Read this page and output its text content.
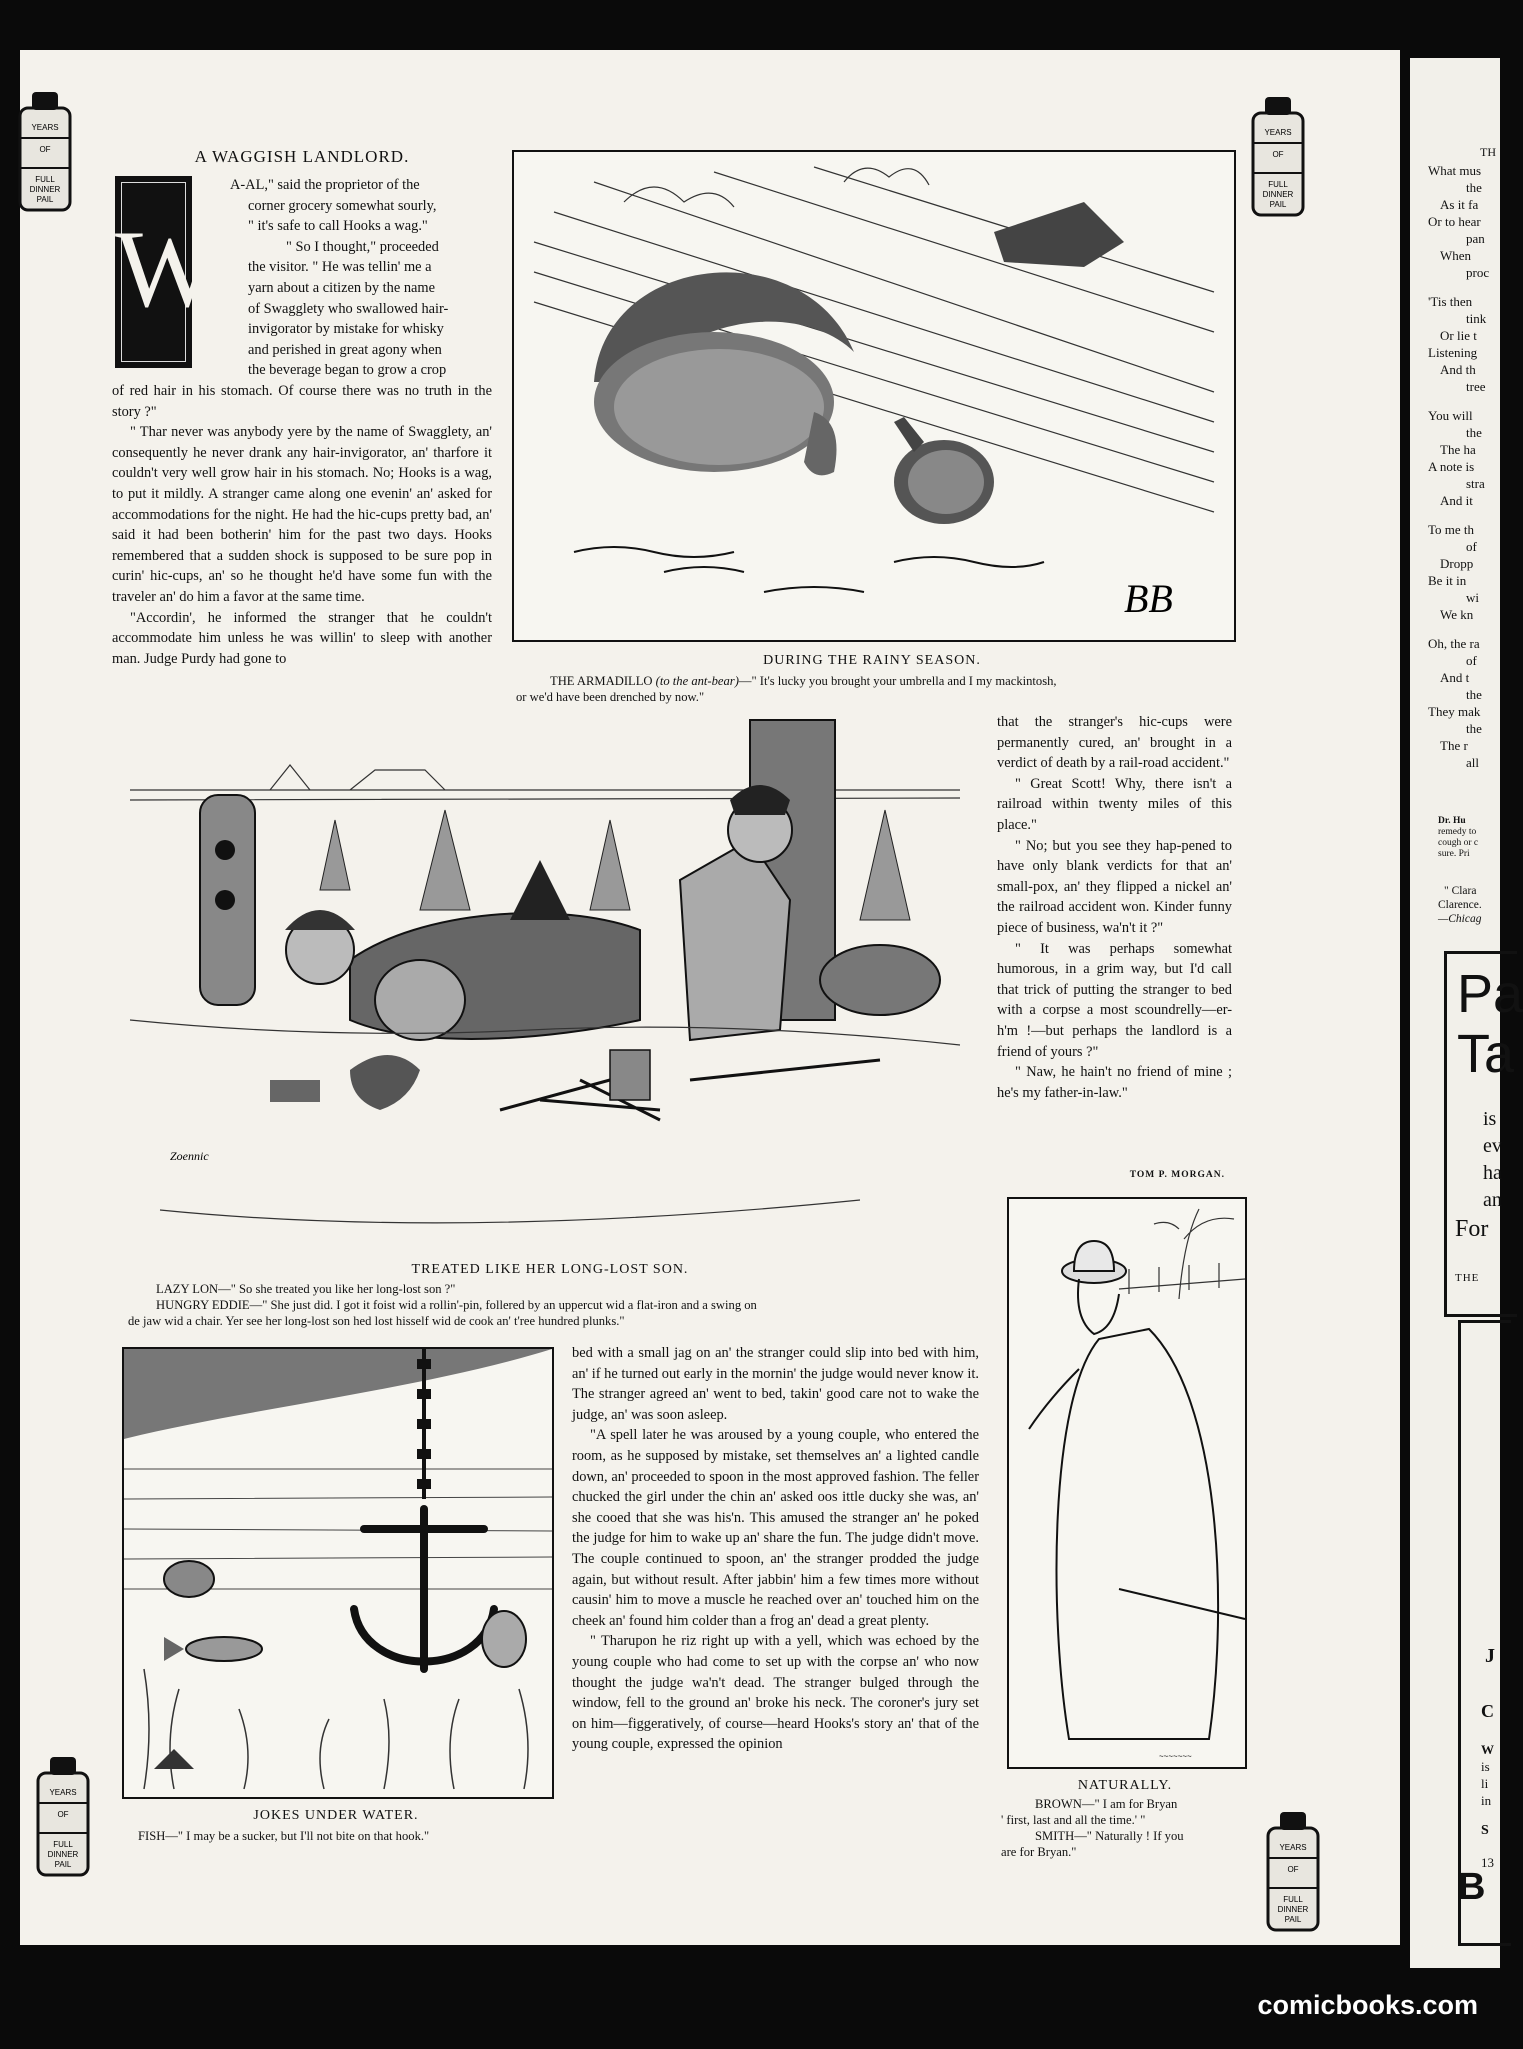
YEARS
OF
FULL
DINNER
PAIL
YEARS
OF
FULL
DINNER
PAIL
YEARS
OF
FULL
DINNER
PAIL
YEARS
OF
FULL
DINNER
PAIL
A WAGGISH LANDLORD.
W
A-AL," said the proprietor of the
corner grocery somewhat sourly,
" it's safe to call Hooks a wag."
" So I thought," proceeded
the visitor. " He was tellin' me a
yarn about a citizen by the name
of Swagglety who swallowed hair-
invigorator by mistake for whisky
and perished in great agony when
the beverage began to grow a crop

of red hair in his stomach. Of course there was no truth in the story ?"

" Thar never was anybody yere by the name of Swagglety, an' consequently he never drank any hair-invigorator, an' tharfore it couldn't very well grow hair in his stomach. No; Hooks is a wag, to put it mildly. A stranger came along one evenin' an' asked for accommodations for the night. He had the hic-cups pretty bad, an' said it had been botherin' him for the past two days. Hooks remembered that a sudden shock is supposed to be sure pop in curin' hic-cups, an' so he thought he'd have some fun with the traveler an' do him a favor at the same time.

"Accordin', he informed the stranger that he couldn't accommodate him unless he was willin' to sleep with another man. Judge Purdy had gone to

BB
DURING THE RAINY SEASON.
THE ARMADILLO (to the ant-bear)—" It's lucky you brought your umbrella and I my mackintosh,
or we'd have been drenched by now."

that the stranger's hic-cups were permanently cured, an' brought in a verdict of death by a rail-road accident."

" Great Scott! Why, there isn't a railroad within twenty miles of this place."

" No; but you see they hap-pened to have only blank verdicts for that an' small-pox, an' they flipped a nickel an' the railroad accident won. Kinder funny piece of business, wa'n't it ?"

" It was perhaps somewhat humorous, in a grim way, but I'd call that trick of putting the stranger to bed with a corpse a most scoundrelly—er-h'm !—but perhaps the landlord is a friend of yours ?"

" Naw, he hain't no friend of mine ; he's my father-in-law."

TOM P. MORGAN.
Zoennic
TREATED LIKE HER LONG-LOST SON.
LAZY LON—" So she treated you like her long-lost son ?"
HUNGRY EDDIE—" She just did. I got it foist wid a rollin'-pin, follered by an uppercut wid a flat-iron and a swing on
de jaw wid a chair. Yer see her long-lost son hed lost hisself wid de cook an' t'ree hundred plunks."
JOKES UNDER WATER.
FISH—" I may be a sucker, but I'll not bite on that hook."

bed with a small jag on an' the stranger could slip into bed with him, an' if he turned out early in the mornin' the judge would never know it. The stranger agreed an' went to bed, takin' good care not to wake the judge, an' was soon asleep.

"A spell later he was aroused by a young couple, who entered the room, as he supposed by mistake, set themselves an' a lighted candle down, an' proceeded to spoon in the most approved fashion. The feller chucked the girl under the chin an' asked oos ittle ducky she was, an' she cooed that she was his'n. This amused the stranger an' he poked the judge for him to wake up an' share the fun. The judge didn't move. The couple continued to spoon, an' the stranger prodded the judge again, but without result. After jabbin' him a few times more without causin' him to move a muscle he reached over an' touched him on the cheek an' found him colder than a frog an' dead a great plenty.

" Tharupon he riz right up with a yell, which was echoed by the young couple who had come to set up with the corpse an' who now thought the judge wa'n't dead. The stranger bulged through the window, fell to the ground an' broke his neck. The coroner's jury set on him—figgeratively, of course—heard Hooks's story an' that of the young couple, expressed the opinion

~~~~~~~
NATURALLY.
BROWN—" I am for Bryan
' first, last and all the time.' "
SMITH—" Naturally ! If you
are for Bryan."
TH
What mus
the
As it fa
Or to hear
pan
When
proc
'Tis then
tink
Or lie t
Listening
And th
tree
You will
the
The ha
A note is
stra
And it
To me th
of
Dropp
Be it in
wi
We kn
Oh, the ra
of
And t
the
They mak
the
The r
all
Dr. Hu
remedy to
cough or c
sure. Pri
" Clara
Clarence.
—Chicag
Pa
Ta
is
ev
ha
an
For
THE
J
C
W
is
li
in
S
13
B
comicbooks.com
